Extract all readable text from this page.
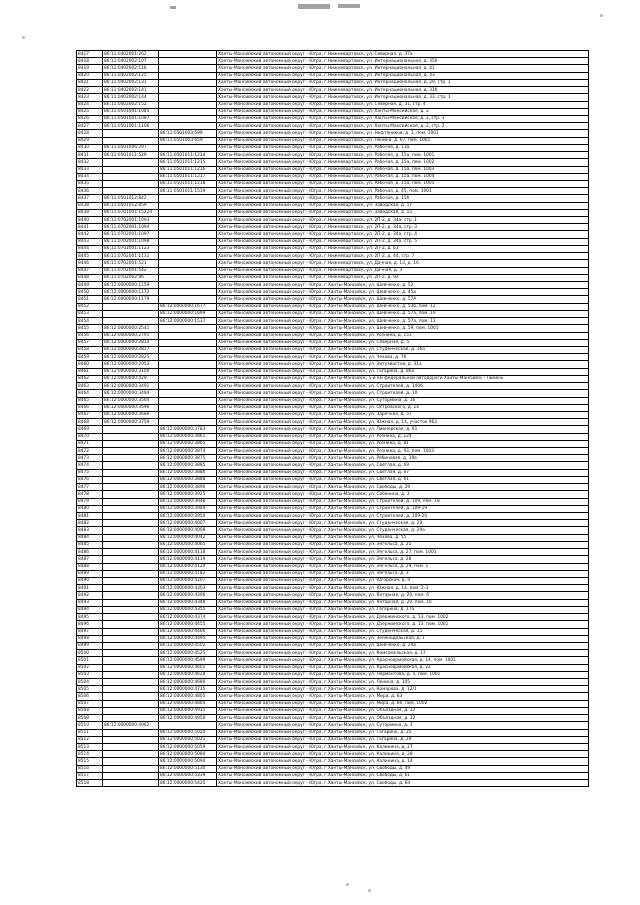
8417	86:11:0402001:262		Ханты-Мансийский автономный округ - Югра, г.Нижневартовск, ул. Северная, д. 37а
8418	86:11:0402002:107		Ханты-Мансийский автономный округ - Югра, г.Нижневартовск, ул. Интернациональная, д. 35б
8419	86:11:0402002:116		Ханты-Мансийский автономный округ - Югра, г.Нижневартовск, ул. Интернациональная, д. 41
8420	86:11:0402002:125		Ханты-Мансийский автономный округ - Югра, г.Нижневартовск, ул. Интернациональная, д. 43
8421	86:11:0402002:131		Ханты-Мансийский автономный округ - Югра, г.Нижневартовск, ул. Интернациональная, д. 29, стр. 1
8422	86:11:0402002:141		Ханты-Мансийский автономный округ - Югра, г.Нижневартовск, ул. Интернациональная, д. 31б
8423	86:11:0402002:144		Ханты-Мансийский автономный округ - Югра, г.Нижневартовск, ул. Интернациональная, д. 33, стр. 1
8424	86:11:0402002:152		Ханты-Мансийский автономный округ - Югра, г.Нижневартовск, ул. Северная, д. 31, стр. 4
8425	86:11:0501001:1085		Ханты-Мансийский автономный округ - Югра, г.Нижневартовск, ул. Ханты-Мансийская, д. 2
8426	86:11:0501001:1087		Ханты-Мансийский автономный округ - Югра, г.Нижневартовск, ул. Ханты-Мансийская, д. 2, стр. 1
8427	86:11:0501001:1106		Ханты-Мансийский автономный округ - Югра, г.Нижневартовск, ул. Ханты-Мансийская, д. 2, стр. 2
8428		86:11:0501003:599	Ханты-Мансийский автономный округ - Югра, г.Нижневартовск, ул. Нефтяников, д. 3, пом. 1001
8429		86:11:0501003:659	Ханты-Мансийский автономный округ - Югра, г.Нижневартовск, ул. Ленина, д. 67, пом. 1001
8430	86:11:0501006:297		Ханты-Мансийский автономный округ - Югра, г.Нижневартовск, ул. Рабочая, д. 13а
8431	86:11:0501011:529	86:11:0501011:1214	Ханты-Мансийский автономный округ - Югра, г.Нижневартовск, ул. Рабочая, д. 15а, пом. 1001
8432		86:11:0501011:1215	Ханты-Мансийский автономный округ - Югра, г.Нижневартовск, ул. Рабочая, д. 15а, пом. 1002
8433		86:11:0501011:1216	Ханты-Мансийский автономный округ - Югра, г.Нижневартовск, ул. Рабочая, д. 15а, пом. 1003
8434		86:11:0501011:1217	Ханты-Мансийский автономный округ - Югра, г.Нижневартовск, ул. Рабочая, д. 15а, пом. 1004
8435		86:11:0501011:1218	Ханты-Мансийский автономный округ - Югра, г.Нижневартовск, ул. Рабочая, д. 15а, пом. 1005
8436		86:11:0501011:1519	Ханты-Мансийский автономный округ - Югра, г.Нижневартовск, ул. Рабочая, д. 45, пом. 1001
8437	86:11:0501012:842		Ханты-Мансийский автономный округ - Югра, г.Нижневартовск, ул. Рабочая, д. 15б
8438	86:11:0501012:859		Ханты-Мансийский автономный округ - Югра, г.Нижневартовск, ул. Заводская, д. 17
8439	86:11:0701001:15224		Ханты-Мансийский автономный округ - Югра, г.Нижневартовск, ул. Заводская, д. 13
8440	86:11:0702001:1093		Ханты-Мансийский автономный округ - Югра, г.Нижневартовск, ул. 2П-2, д. 34а, стр. 1
8441	86:11:0702001:1094		Ханты-Мансийский автономный округ - Югра, г.Нижневартовск, ул. 2П-2, д. 34а, стр. 3
8442	86:11:0702001:1097		Ханты-Мансийский автономный округ - Югра, г.Нижневартовск, ул. 2П-2, д. 34а, стр. 4
8443	86:11:0702001:1098		Ханты-Мансийский автономный округ - Югра, г.Нижневартовск, ул. 2П-2, д. 34а, стр. 5
8444	86:11:0702001:1123		Ханты-Мансийский автономный округ - Югра, г.Нижневартовск, ул. 2П-2, д. 63
8445	86:11:0702001:1131		Ханты-Мансийский автономный округ - Югра, г.Нижневартовск, ул. 2П-2, д. 44, стр. 7
8446	86:11:0702001:521		Ханты-Мансийский автономный округ - Югра, г.Нижневартовск, ул. Дачная, д. 13, д. 16
8447	86:11:0702001:542		Ханты-Мансийский автономный округ - Югра, г.Нижневартовск, ул. Дачная, д. 3
8448	86:11:0702002:96		Ханты-Мансийский автономный округ - Югра, г.Нижневартовск, ул. 2П-2, д. 92
8449	86:12:0000000:1159		Ханты-Мансийский автономный округ - Югра, г.Ханты-Мансийск, ул. Шевченко, д. 52
8450	86:12:0000000:1172		Ханты-Мансийский автономный округ - Югра, г.Ханты-Мансийск, ул. Шевченко, д. 45а
8451	86:12:0000000:1179		Ханты-Мансийский автономный округ - Югра, г.Ханты-Мансийск, ул. Шевченко, д. 57А
8452		86:12:0000000:1677	Ханты-Мансийский автономный округ - Югра, г.Ханты-Мансийск, ул. Шевченко, д. 53б, пом. 12
8453		86:12:0000000:1699	Ханты-Мансийский автономный округ - Югра, г.Ханты-Мансийск, ул. Шевченко, д. 57а, пом. 19
8454		86:12:0000000:1537	Ханты-Мансийский автономный округ - Югра, г.Ханты-Мансийск, ул. Шевченко, д. 57а, пом. 11
8455	86:12:0000000:2541		Ханты-Мансийский автономный округ - Югра, г.Ханты-Мансийск, ул. Шевченко, д. 59, пом. 1001
8456	86:12:0000000:2791		Ханты-Мансийский автономный округ - Югра, г.Ханты-Мансийск, ул. Рознина, д. 151
8457	86:12:0000000:2814		Ханты-Мансийский автономный округ - Югра, г.Ханты-Мансийск, ул. Северная, д. 5
8458	86:12:0000000:2817		Ханты-Мансийский автономный округ - Югра, г.Ханты-Мансийск, ул. Студенческая, д. 16а
8459	86:12:0000000:2825		Ханты-Мансийский автономный округ - Югра, г.Ханты-Мансийск, ул. Чехова, д. 76
8460	86:12:0000000:2953		Ханты-Мансийский автономный округ - Югра, г.Ханты-Мансийск, ул. Энтузиастов, д. 31а
8461	86:12:0000000:3100		Ханты-Мансийский автономный округ - Югра, г.Ханты-Мансийск, ул. Гагарина, д. 86а
8462	86:12:0000000:429		Ханты-Мансийский автономный округ - Югра, г.Ханты-Мансийск, 5-й км федеральной автодороги Ханты-Мансийск - Тюмень
8463	86:12:0000000:3491		Ханты-Мансийский автономный округ - Югра, г.Ханты-Мансийск, ул. Строителей, д. 140б
8464	86:12:0000000:3494		Ханты-Мансийский автономный округ - Югра, г.Ханты-Мансийск, ул. Строителей, д. 10
8465	86:12:0000000:3564		Ханты-Мансийский автономный округ - Югра, г.Ханты-Мансийск, ул. Сутормина, д. 16
8466	86:12:0000000:3596		Ханты-Мансийский автономный округ - Югра, г.Ханты-Мансийск, ул. Островского, д. 14
8467	86:12:0000000:3686		Ханты-Мансийский автономный округ - Югра, г.Ханты-Мансийск, ул. Заречная, д. 57
8468	86:12:0000000:3759		Ханты-Мансийский автономный округ - Югра, г.Ханты-Мансийск, ул. Южная, д. 14, участок 963
8469		86:12:0000000:3783	Ханты-Мансийский автономный округ - Югра, г.Ханты-Мансийск, ул. Пионерская, д. 91
8470		86:12:0000000:3861	Ханты-Мансийский автономный округ - Югра, г.Ханты-Мансийск, ул. Рознина, д. 124
8471		86:12:0000000:3865	Ханты-Мансийский автономный округ - Югра, г.Ханты-Мансийск, ул. Рознина, д. 81
8472		86:12:0000000:3874	Ханты-Мансийский автономный округ - Югра, г.Ханты-Мансийск, ул. Рознина, д. 93, пом. 1003
8473		86:12:0000000:3875	Ханты-Мансийский автономный округ - Югра, г.Ханты-Мансийск, ул. Рябиновая, д. 19а
8474		86:12:0000000:3885	Ханты-Мансийский автономный округ - Югра, г.Ханты-Мансийск, ул. Светлая, д. 69
8475		86:12:0000000:3886	Ханты-Мансийский автономный округ - Югра, г.Ханты-Мансийск, ул. Светлая, д. 67
8476		86:12:0000000:3888	Ханты-Мансийский автономный округ - Югра, г.Ханты-Мансийск, ул. Светлая, д. 61
8477		86:12:0000000:3890	Ханты-Мансийский автономный округ - Югра, г.Ханты-Мансийск, ул. Свободы, д. 29
8478		86:12:0000000:3925	Ханты-Мансийский автономный округ - Югра, г.Ханты-Мансийск, ул. Собянина, д. 3
8479		86:12:0000000:3948	Ханты-Мансийский автономный округ - Югра, г.Ханты-Мансийск, ул. Строителей, д. 109, пом. 18
8480		86:12:0000000:3949	Ханты-Мансийский автономный округ - Югра, г.Ханты-Мансийск, ул. Строителей, д. 109-19
8481		86:12:0000000:3950	Ханты-Мансийский автономный округ - Югра, г.Ханты-Мансийск, ул. Строителей, д. 109-20
8482		86:12:0000000:4007	Ханты-Мансийский автономный округ - Югра, г.Ханты-Мансийск, ул. Студенческая, д. 29
8483		86:12:0000000:4008	Ханты-Мансийский автономный округ - Югра, г.Ханты-Мансийск, ул. Студенческая, д. 29а
8484		86:12:0000000:4042	Ханты-Мансийский автономный округ - Югра, г.Ханты-Мансийск, ул. Чехова, д. 55
8485		86:12:0000000:4065	Ханты-Мансийский автономный округ - Югра, г.Ханты-Мансийск, ул. Энгельса, д. 25
8486		86:12:0000000:4118	Ханты-Мансийский автономный округ - Югра, г.Ханты-Мансийск, ул. Энгельса, д. 27, пом. 1001
8487		86:12:0000000:4119	Ханты-Мансийский автономный округ - Югра, г.Ханты-Мансийск, ул. Энгельса, д. 28
8488		86:12:0000000:4120	Ханты-Мансийский автономный округ - Югра, г.Ханты-Мансийск, ул. Энгельса, д. 29, пом. 1
8489		86:12:0000000:4182	Ханты-Мансийский автономный округ - Югра, г.Ханты-Мансийск, ул. Энгельса, д. 3
8490		86:12:0000000:4207	Ханты-Мансийский автономный округ - Югра, г.Ханты-Мансийск, ул. Югорская, д. 9
8491		86:12:0000000:4303	Ханты-Мансийский автономный округ - Югра, г.Ханты-Мансийск, ул. Южная, д. 14, пом. 2-3
8492		86:12:0000000:4306	Ханты-Мансийский автономный округ - Югра, г.Ханты-Мансийск, ул. Янтарная, д. 20, пом. 6
8493		86:12:0000000:4348	Ханты-Мансийский автономный округ - Югра, г.Ханты-Мансийск, ул. Янтарная, д. 20, пом. 10
8494		86:12:0000000:4355	Ханты-Мансийский автономный округ - Югра, г.Ханты-Мансийск, ул. Гагарина, д. 17а
8495		86:12:0000000:4374	Ханты-Мансийский автономный округ - Югра, г.Ханты-Мансийск, ул. Дзержинского, д. 13, пом. 1002
8496		86:12:0000000:4455	Ханты-Мансийский автономный округ - Югра, г.Ханты-Мансийск, ул. Дзержинского, д. 13, пом. 1001
8497		86:12:0000000:4466	Ханты-Мансийский автономный округ - Югра, г.Ханты-Мансийск, ул. Студенческая, д. 15
8498		86:12:0000000:4495	Ханты-Мансийский автономный округ - Югра, г.Ханты-Мансийск, ул. Зеленодольская, д. 1
8499		86:12:0000000:4502	Ханты-Мансийский автономный округ - Югра, г.Ханты-Мансийск, ул. Шевченко, д. 24а
8500		86:12:0000000:4525	Ханты-Мансийский автономный округ - Югра, г.Ханты-Мансийск, ул. Комсомольская, д. 17
8501		86:12:0000000:4599	Ханты-Мансийский автономный округ - Югра, г.Ханты-Мансийск, ул. Красноармейская, д. 14, пом. 1001
8502		86:12:0000000:4601	Ханты-Мансийский автономный округ - Югра, г.Ханты-Мансийск, ул. Красноармейская, д. 22
8503		86:12:0000000:4628	Ханты-Мансийский автономный округ - Югра, г.Ханты-Мансийск, ул. Лермонтова, д. 5, пом. 1001
8504		86:12:0000000:4680	Ханты-Мансийский автономный округ - Югра, г.Ханты-Мансийск, ул. Ленина, д. 105
8505		86:12:0000000:4715	Ханты-Мансийский автономный округ - Югра, г.Ханты-Мансийск, ул. Комарова, д. 12/1
8506		86:12:0000000:4805	Ханты-Мансийский автономный округ - Югра, г.Ханты-Мансийск, ул. Мира, д. 63
8507		86:12:0000000:4864	Ханты-Мансийский автономный округ - Югра, г.Ханты-Мансийск, ул. Мира, д. 66, пом. 1002
8508		86:12:0000000:4935	Ханты-Мансийский автономный округ - Югра, г.Ханты-Мансийск, ул. Объездная, д. 12
8509		86:12:0000000:4956	Ханты-Мансийский автономный округ - Югра, г.Ханты-Мансийск, ул. Объездная, д. 32
8510	86:12:0000000:4962		Ханты-Мансийский автономный округ - Югра, г.Ханты-Мансийск, ул. Сутормина, д. 3
8511		86:12:0000000:5020	Ханты-Мансийский автономный округ - Югра, г.Ханты-Мансийск, ул. Гагарина, д. 25
8512		86:12:0000000:5021	Ханты-Мансийский автономный округ - Югра, г.Ханты-Мансийск, ул. Гагарина, д. 29
8513		86:12:0000000:5059	Ханты-Мансийский автономный округ - Югра, г.Ханты-Мансийск, ул. Калинина, д. 27
8514		86:12:0000000:5080	Ханты-Мансийский автономный округ - Югра, г.Ханты-Мансийск, ул. Калинина, д. 28
8515		86:12:0000000:5094	Ханты-Мансийский автономный округ - Югра, г.Ханты-Мансийск, ул. Калинина, д. 14
8516		86:12:0000000:5130	Ханты-Мансийский автономный округ - Югра, г.Ханты-Мансийск, ул. Свободы, д. 49
8517		86:12:0000000:5339	Ханты-Мансийский автономный округ - Югра, г.Ханты-Мансийск, ул. Свободы, д. 61
8518		86:12:0000000:5420	Ханты-Мансийский автономный округ - Югра, г.Ханты-Мансийск, ул. Свободы, д. 64
